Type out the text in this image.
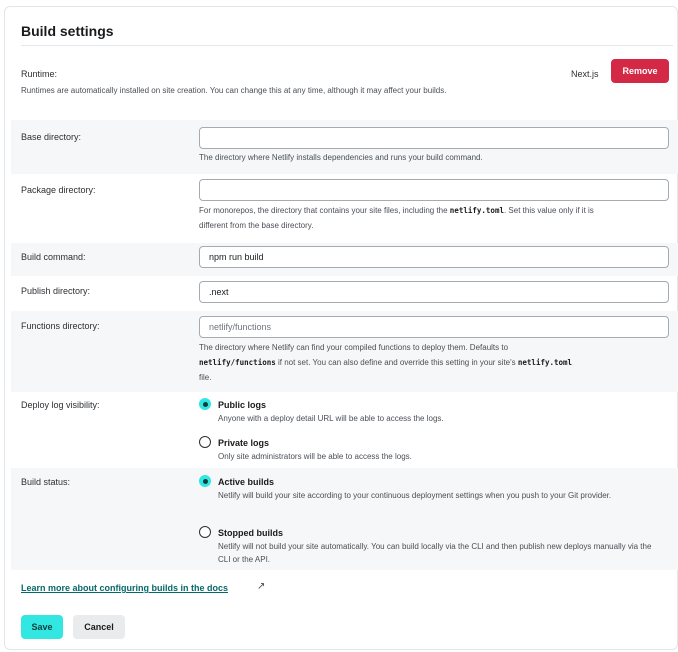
Build settings
Runtime:
Runtimes are automatically installed on site creation. You can change this at any time, although it may affect your builds.
Next.js	Remove
Base directory:
The directory where Netlify installs dependencies and runs your build command.
Package directory:
For monorepos, the directory that contains your site files, including the netlify.toml. Set this value only if it is different from the base directory.
Build command:
npm run build
Publish directory:
.next
Functions directory:
netlify/functions
The directory where Netlify can find your compiled functions to deploy them. Defaults to netlify/functions if not set. You can also define and override this setting in your site's netlify.toml file.
Deploy log visibility:	Public logs
Anyone with a deploy detail URL will be able to access the logs.
Private logs
Only site administrators will be able to access the logs.
Build status:	Active builds
Netlify will build your site according to your continuous deployment settings when you push to your Git provider.
Stopped builds
Netlify will not build your site automatically. You can build locally via the CLI and then publish new deploys manually via the CLI or the API.
Learn more about configuring builds in the docs	↗
Save	Cancel
